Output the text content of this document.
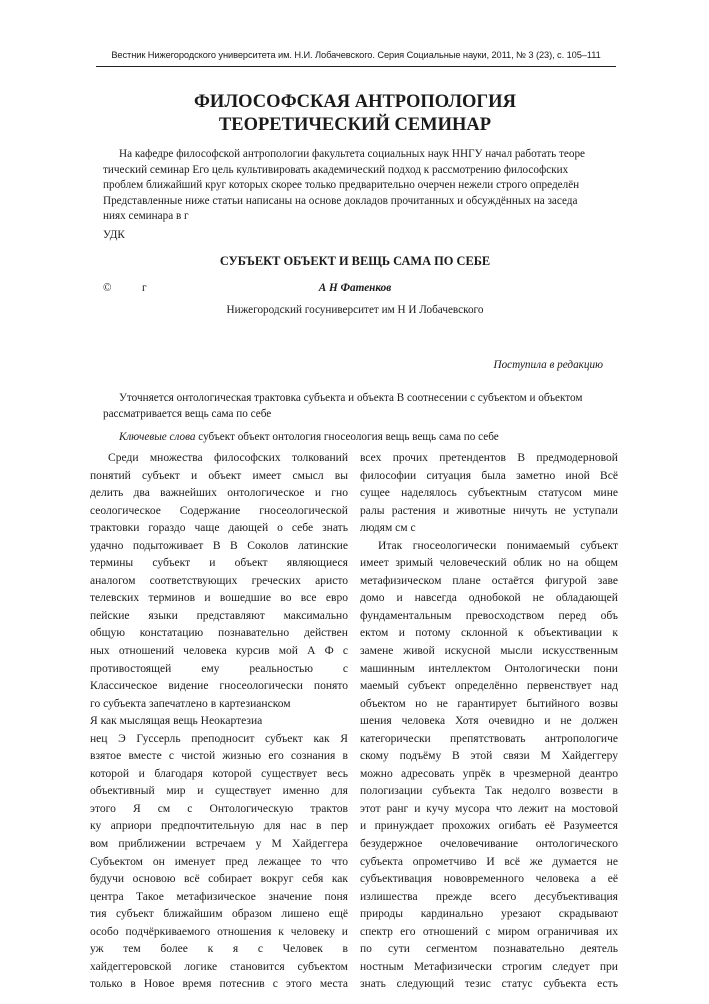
Вестник Нижегородского университета им. Н.И. Лобачевского. Серия Социальные науки, 2011, № 3 (23), с. 105–111
ФИЛОСОФСКАЯ АНТРОПОЛОГИЯ
ТЕОРЕТИЧЕСКИЙ СЕМИНАР
На кафедре философской антропологии факультета социальных наук ННГУ начал работать теоре
тический семинар Его цель культивировать академический подход к рассмотрению философских
проблем ближайший круг которых скорее только предварительно очерчен нежели строго определён
Представленные ниже статьи написаны на основе докладов прочитанных и обсуждённых на заседа
ниях семинара в г
УДК
СУБЪЕКТ ОБЪЕКТ И ВЕЩЬ САМА ПО СЕБЕ
©	г	А Н Фатенков
Нижегородский госуниверситет им Н И Лобачевского
Поступила в редакцию
Уточняется онтологическая трактовка субъекта и объекта В соотнесении с субъектом и объектом
рассматривается вещь сама по себе
Ключевые слова субъект объект онтология гносеология вещь вещь сама по себе
Среди множества философских толкований
понятий субъект и объект имеет смысл вы
делить два важнейших онтологическое и гно
сеологическое Содержание гносеологической
трактовки гораздо чаще дающей о себе знать
удачно подытоживает В В Соколов латинские
термины субъект и объект являющиеся
аналогом соответствующих греческих аристо
телевских терминов и вошедшие во все евро
пейские языки представляют максимально
общую констатацию познавательно действен
ных отношений человека курсив мой А Ф с
противостоящей ему реальностью с
Классическое видение гносеологически понято
го субъекта запечатлено в картезианском
Я как мыслящая вещь Неокартезиа
нец Э Гуссерль преподносит субъект как Я
взятое вместе с чистой жизнью его сознания в
которой и благодаря которой существует весь
объективный мир и существует именно для
этого Я см с Онтологическую трактов
ку априори предпочтительную для нас в пер
вом приближении встречаем у М Хайдеггера
Субъектом он именует пред лежащее то что
будучи основою всё собирает вокруг себя как
центра Такое метафизическое значение поня
тия субъект ближайшим образом лишено ещё
особо подчёркиваемого отношения к человеку и
уж тем более к я с Человек в
хайдеггеровской логике становится субъектом
только в Новое время потеснив с этого места
всех прочих претендентов В предмодерновой
философии ситуация была заметно иной Всё
сущее наделялось субъектным статусом мине
ралы растения и животные ничуть не уступали
людям см с
Итак гносеологически понимаемый субъект
имеет зримый человеческий облик но на общем
метафизическом плане остаётся фигурой заве
домо и навсегда однобокой не обладающей
фундаментальным превосходством перед объ
ектом и потому склонной к объективации к
замене живой искусной мысли искусственным
машинным интеллектом Онтологически пони
маемый субъект определённо первенствует над
объектом но не гарантирует бытийного возвы
шения человека Хотя очевидно и не должен
категорически препятствовать антропологиче
скому подъёму В этой связи М Хайдеггеру
можно адресовать упрёк в чрезмерной деантро
пологизации субъекта Так недолго возвести в
этот ранг и кучу мусора что лежит на мостовой
и принуждает прохожих огибать её Разумеется
безудержное очеловечивание онтологического
субъекта опрометчиво И всё же думается не
субъективация нововременного человека а её
излишества прежде всего десубъективация
природы кардинально урезают скрадывают
спектр его отношений с миром ограничивая их
по сути сегментом познавательно деятель
ностным Метафизически строгим следует при
знать следующий тезис статус субъекта есть
